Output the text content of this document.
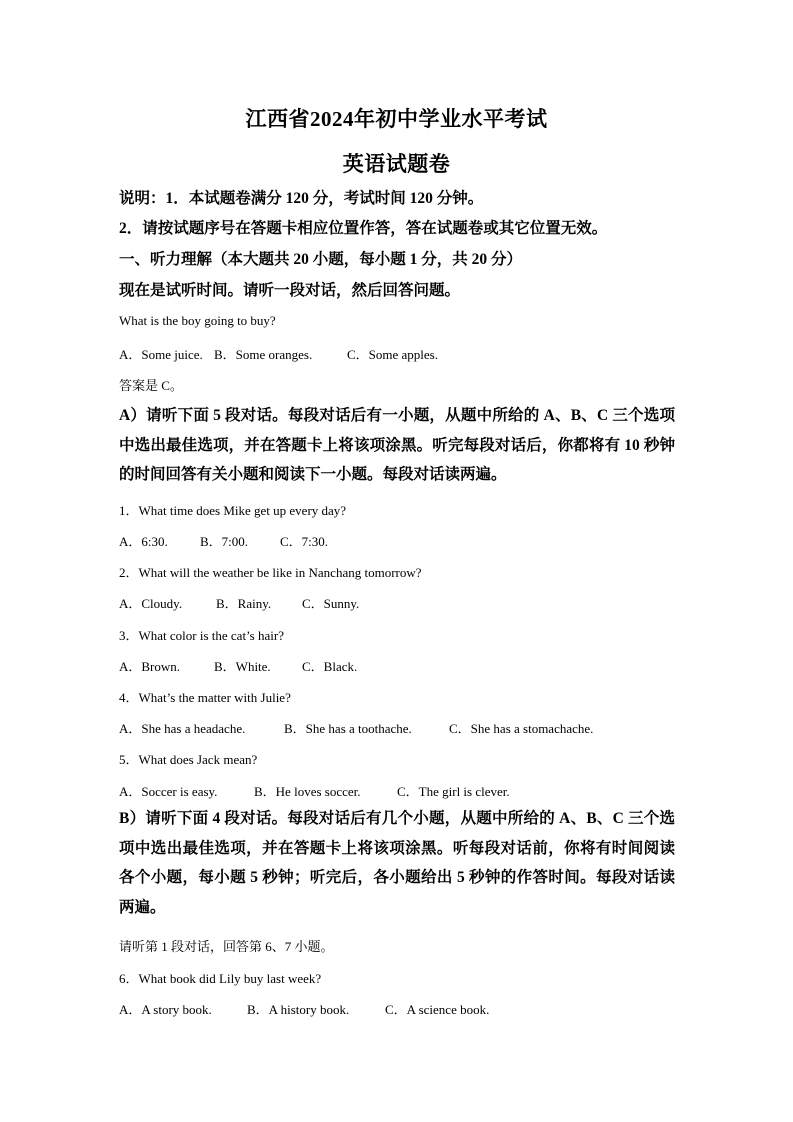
江西省2024年初中学业水平考试
英语试题卷
说明：1．本试题卷满分 120 分，考试时间 120 分钟。
2．请按试题序号在答题卡相应位置作答，答在试题卷或其它位置无效。
一、听力理解（本大题共 20 小题，每小题 1 分，共 20 分）
现在是试听时间。请听一段对话，然后回答问题。
What is the boy going to buy?
A．Some juice. B．Some oranges.	C．Some apples.
答案是 C。
A）请听下面 5 段对话。每段对话后有一小题，从题中所给的 A、B、C 三个选项中选出最佳选项，并在答题卡上将该项涂黑。听完每段对话后，你都将有 10 秒钟的时间回答有关小题和阅读下一小题。每段对话读两遍。
1．What time does Mike get up every day?
A．6:30. B．7:00. C．7:30.
2．What will the weather be like in Nanchang tomorrow?
A．Cloudy.	B．Rainy. C．Sunny.
3．What color is the cat’s hair?
A．Brown.	B．White. C．Black.
4．What’s the matter with Julie?
A．She has a headache.	B．She has a toothache.	C．She has a stomachache.
5．What does Jack mean?
A．Soccer is easy.	B．He loves soccer.	C．The girl is clever.
B）请听下面 4 段对话。每段对话后有几个小题，从题中所给的 A、B、C 三个选项中选出最佳选项，并在答题卡上将该项涂黑。听每段对话前，你将有时间阅读各个小题，每小题 5 秒钟；听完后，各小题给出 5 秒钟的作答时间。每段对话读两遍。
请听第 1 段对话，回答第 6、7 小题。
6．What book did Lily buy last week?
A．A story book.	B．A history book.	C．A science book.
